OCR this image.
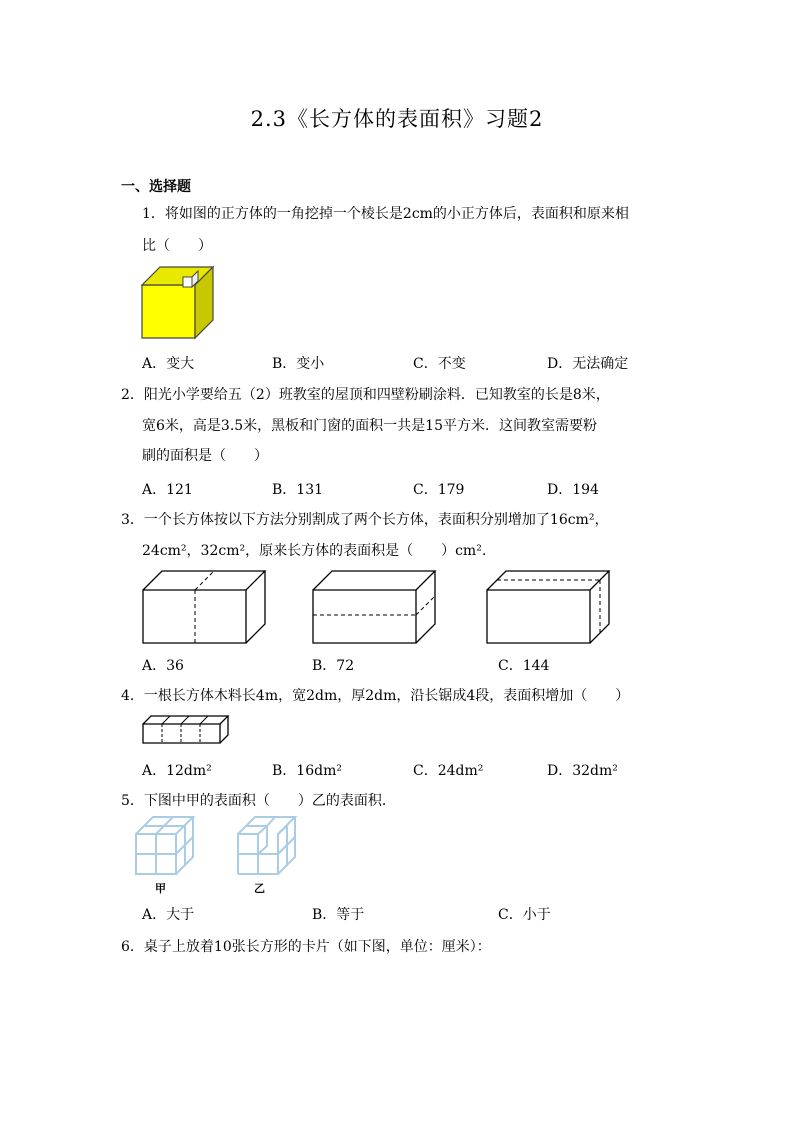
2.3《长方体的表面积》习题2
一、选择题
1．将如图的正方体的一角挖掉一个棱长是2cm的小正方体后，表面积和原来相
比（　　）
A．变大	B．变小	C．不变	D．无法确定
2．阳光小学要给五（2）班教室的屋顶和四壁粉刷涂料．已知教室的长是8米，
宽6米，高是3.5米，黑板和门窗的面积一共是15平方米．这间教室需要粉
刷的面积是（　　）
A．121	B．131	C．179	D．194
3．一个长方体按以下方法分别割成了两个长方体，表面积分别增加了16cm²，
24cm²，32cm²，原来长方体的表面积是（　　）cm².
A．36	B．72	C．144
4．一根长方体木料长4m，宽2dm，厚2dm，沿长锯成4段，表面积增加（　　）
A．12dm²	B．16dm²	C．24dm²	D．32dm²
5．下图中甲的表面积（　　）乙的表面积．
甲	乙
A．大于	B．等于	C．小于
6．桌子上放着10张长方形的卡片（如下图，单位：厘米）：
